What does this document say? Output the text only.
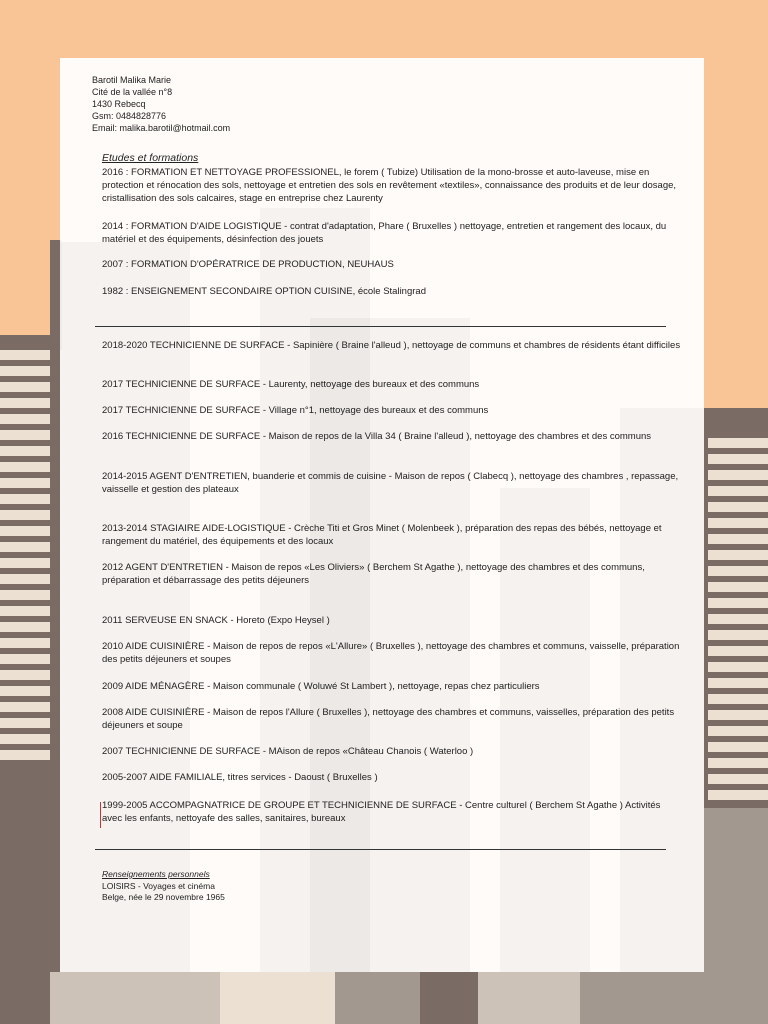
Barotil Malika Marie
Cité de la vallée n°8
1430 Rebecq
Gsm: 0484828776
Email: malika.barotil@hotmail.com
Etudes et formations
2016 : FORMATION ET NETTOYAGE PROFESSIONEL, le forem ( Tubize) Utilisation de la mono-brosse et auto-laveuse, mise en protection et rénocation des sols, nettoyage et entretien des sols en revêtement «textiles», connaissance des produits et de leur dosage, cristallisation des sols calcaires, stage en entreprise chez Laurenty
2014 : FORMATION D'AIDE LOGISTIQUE - contrat d'adaptation, Phare ( Bruxelles ) nettoyage, entretien et rangement des locaux, du matériel et des équipements, désinfection des jouets
2007 : FORMATION D'OPÉRATRICE DE PRODUCTION, NEUHAUS
1982 : ENSEIGNEMENT SECONDAIRE OPTION CUISINE, école Stalingrad
2018-2020 TECHNICIENNE DE SURFACE - Sapinière ( Braine l'alleud ), nettoyage de communs et chambres de résidents étant difficiles
2017 TECHNICIENNE DE SURFACE - Laurenty, nettoyage des bureaux et des communs
2017 TECHNICIENNE DE SURFACE - Village n°1, nettoyage des bureaux et des communs
2016 TECHNICIENNE DE SURFACE - Maison de repos de la Villa 34 ( Braine l'alleud ), nettoyage des chambres et des communs
2014-2015 AGENT D'ENTRETIEN, buanderie et commis de cuisine - Maison de repos ( Clabecq ), nettoyage des chambres , repassage, vaisselle et gestion des plateaux
2013-2014 STAGIAIRE AIDE-LOGISTIQUE - Crèche Titi et Gros Minet ( Molenbeek ), préparation des repas des bébés, nettoyage et rangement du matériel, des équipements et des locaux
2012 AGENT D'ENTRETIEN - Maison de repos «Les Oliviers» ( Berchem St Agathe ), nettoyage des chambres et des communs, préparation et débarrassage des petits déjeuners
2011 SERVEUSE EN SNACK - Horeto (Expo Heysel )
2010 AIDE CUISINIÈRE - Maison de repos de repos «L'Allure» ( Bruxelles ), nettoyage des chambres et communs, vaisselle, préparation des petits déjeuners et soupes
2009 AIDE MÉNAGÈRE - Maison communale ( Woluwé St Lambert ), nettoyage, repas chez particuliers
2008 AIDE CUISINIÈRE - Maison de repos l'Allure ( Bruxelles ), nettoyage des chambres et communs, vaisselles, préparation des petits déjeuners et soupe
2007 TECHNICIENNE DE SURFACE - MAison de repos «Château Chanois ( Waterloo )
2005-2007 AIDE FAMILIALE, titres services - Daoust ( Bruxelles )
1999-2005 ACCOMPAGNATRICE DE GROUPE ET TECHNICIENNE DE SURFACE - Centre culturel ( Berchem St Agathe ) Activités avec les enfants, nettoyafe des salles, sanitaires, bureaux
Renseignements personnels
LOISIRS - Voyages et cinéma
Belge, née le 29 novembre 1965
